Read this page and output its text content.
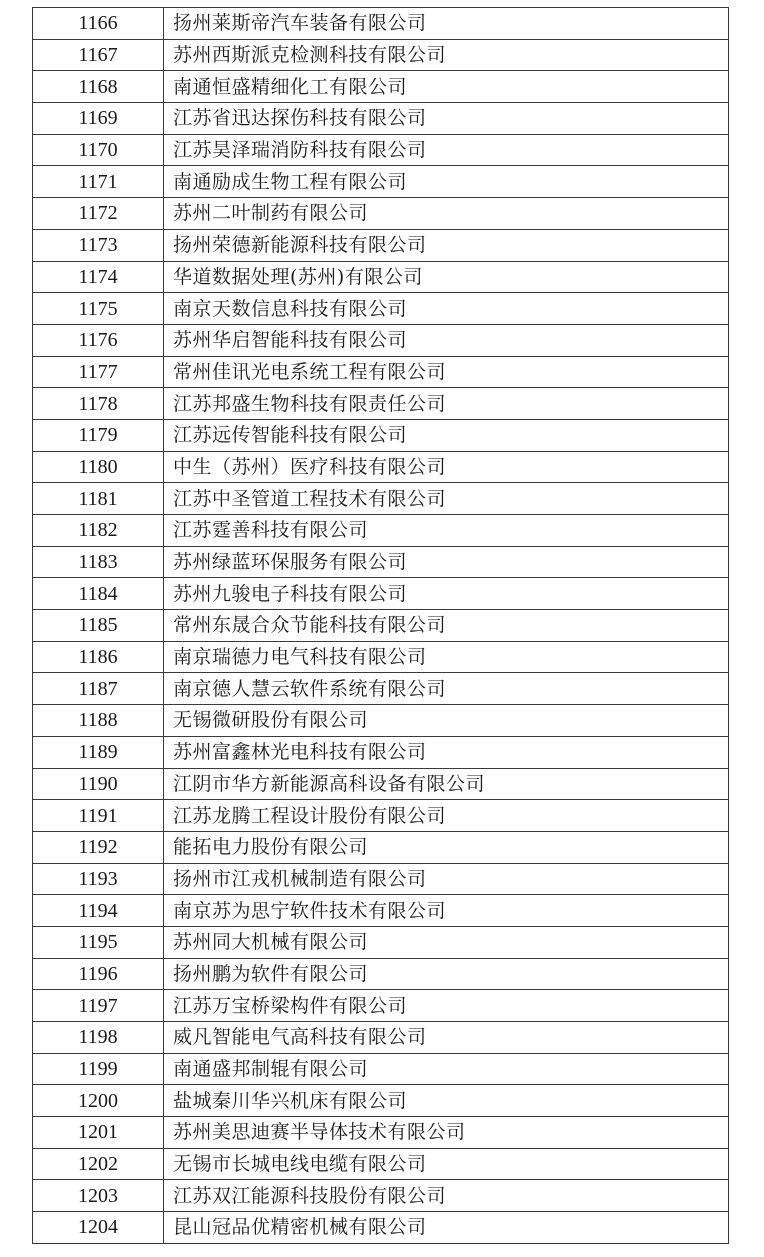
1166	扬州莱斯帝汽车装备有限公司
1167	苏州西斯派克检测科技有限公司
1168	南通恒盛精细化工有限公司
1169	江苏省迅达探伤科技有限公司
1170	江苏昊泽瑞消防科技有限公司
1171	南通励成生物工程有限公司
1172	苏州二叶制药有限公司
1173	扬州荣德新能源科技有限公司
1174	华道数据处理(苏州)有限公司
1175	南京天数信息科技有限公司
1176	苏州华启智能科技有限公司
1177	常州佳讯光电系统工程有限公司
1178	江苏邦盛生物科技有限责任公司
1179	江苏远传智能科技有限公司
1180	中生（苏州）医疗科技有限公司
1181	江苏中圣管道工程技术有限公司
1182	江苏霆善科技有限公司
1183	苏州绿蓝环保服务有限公司
1184	苏州九骏电子科技有限公司
1185	常州东晟合众节能科技有限公司
1186	南京瑞德力电气科技有限公司
1187	南京德人慧云软件系统有限公司
1188	无锡微研股份有限公司
1189	苏州富鑫林光电科技有限公司
1190	江阴市华方新能源高科设备有限公司
1191	江苏龙腾工程设计股份有限公司
1192	能拓电力股份有限公司
1193	扬州市江戎机械制造有限公司
1194	南京苏为思宁软件技术有限公司
1195	苏州同大机械有限公司
1196	扬州鹏为软件有限公司
1197	江苏万宝桥梁构件有限公司
1198	威凡智能电气高科技有限公司
1199	南通盛邦制辊有限公司
1200	盐城秦川华兴机床有限公司
1201	苏州美思迪赛半导体技术有限公司
1202	无锡市长城电线电缆有限公司
1203	江苏双江能源科技股份有限公司
1204	昆山冠品优精密机械有限公司
